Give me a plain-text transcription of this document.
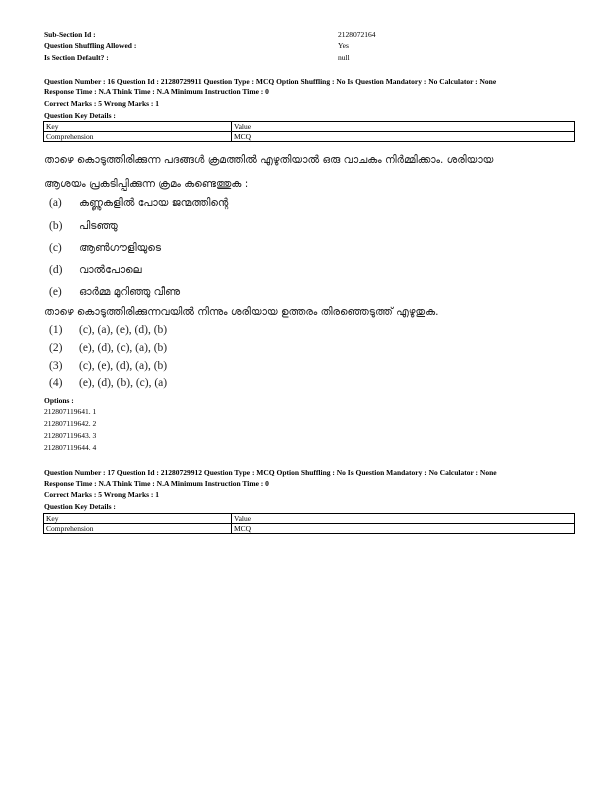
Sub-Section Id :	2128072164
Question Shuffling Allowed :	Yes
Is Section Default? :	null
Question Number : 16 Question Id : 21280729911 Question Type : MCQ Option Shuffling : No Is Question Mandatory : No Calculator : None
Response Time : N.A Think Time : N.A Minimum Instruction Time : 0
Correct Marks : 5 Wrong Marks : 1
Question Key Details :
Key	Value
Comprehension	MCQ
താഴെ കൊടുത്തിരിക്കുന്ന പദങ്ങൾ ക്രമത്തിൽ എഴുതിയാൽ ഒരു വാചകം നിർമ്മിക്കാം. ശരിയായ
ആശയം പ്രകടിപ്പിക്കുന്ന ക്രമം കണ്ടെത്തുക :
(a) കണ്ണുകളിൽ പോയ ജന്മത്തിന്റെ
(b) പിടഞ്ഞു
(c) ആൺഗൗളിയുടെ
(d) വാൽപോലെ
(e) ഓർമ്മ മുറിഞ്ഞു വീണു
താഴെ കൊടുത്തിരിക്കുന്നവയിൽ നിന്നും ശരിയായ ഉത്തരം തിരഞ്ഞെടുത്ത് എഴുതുക.
(1) (c), (a), (e), (d), (b)
(2) (e), (d), (c), (a), (b)
(3) (c), (e), (d), (a), (b)
(4) (e), (d), (b), (c), (a)
Options :
212807119641. 1
212807119642. 2
212807119643. 3
212807119644. 4
Question Number : 17 Question Id : 21280729912 Question Type : MCQ Option Shuffling : No Is Question Mandatory : No Calculator : None
Response Time : N.A Think Time : N.A Minimum Instruction Time : 0
Correct Marks : 5 Wrong Marks : 1
Question Key Details :
Key	Value
Comprehension	MCQ
